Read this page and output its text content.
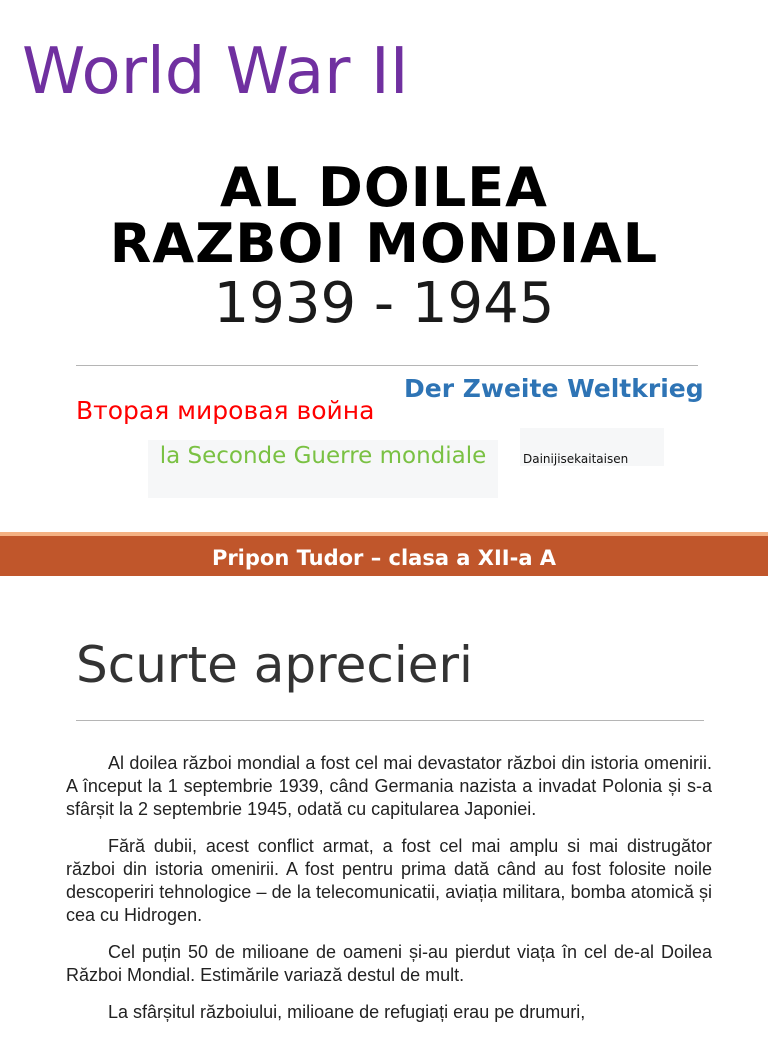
World War II
AL DOILEA
RAZBOI MONDIAL
1939 - 1945
Вторая мировая война
Der Zweite Weltkrieg
la Seconde Guerre mondiale	Dainijisekaitaisen
Pripon Tudor – clasa a XII-a A
Scurte aprecieri

Al doilea război mondial a fost cel mai devastator război din istoria omenirii. A început la 1 septembrie 1939, când Germania nazista a invadat Polonia și s-a sfârșit la 2 septembrie 1945, odată cu capitularea Japoniei.

Fără dubii, acest conflict armat, a fost cel mai amplu si mai distrugător război din istoria omenirii. A fost pentru prima dată când au fost folosite noile descoperiri tehnologice – de la telecomunicatii, aviația militara, bomba atomică și cea cu Hidrogen.

Cel puțin 50 de milioane de oameni și-au pierdut viața în cel de-al Doilea Război Mondial. Estimările variază destul de mult.

La sfârșitul războiului, milioane de refugiați erau pe drumuri,
